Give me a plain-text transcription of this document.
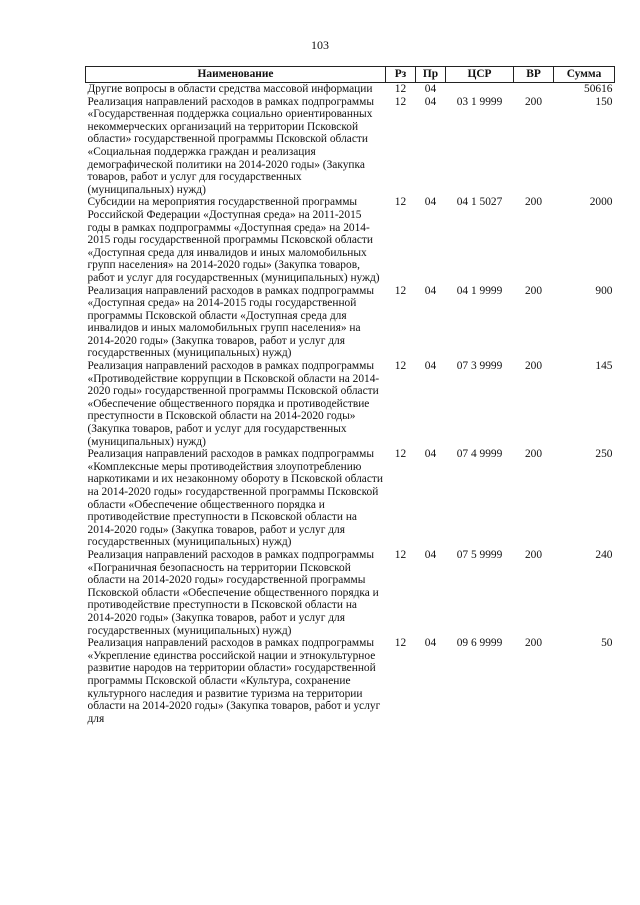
103
Наименование	Рз	Пр	ЦСР	ВР	Сумма
Другие вопросы в области средства массовой информации	12	04			50616
Реализация направлений расходов в рамках подпрограммы «Государственная поддержка социально ориентированных некоммерческих организаций на территории Псковской области» государственной программы Псковской области «Социальная поддержка граждан и реализация демографической политики на 2014-2020 годы» (Закупка товаров, работ и услуг для государственных (муниципальных) нужд)	12	04	03 1 9999	200	150
Субсидии на мероприятия государственной программы Российской Федерации «Доступная среда» на 2011-2015 годы в рамках подпрограммы «Доступная среда» на 2014-2015 годы государственной программы Псковской области «Доступная среда для инвалидов и иных маломобильных групп населения» на 2014-2020 годы» (Закупка товаров, работ и услуг для государственных (муниципальных) нужд)	12	04	04 1 5027	200	2000
Реализация направлений расходов в рамках подпрограммы «Доступная среда» на 2014-2015 годы государственной программы Псковской области «Доступная среда для инвалидов и иных маломобильных групп населения» на 2014-2020 годы» (Закупка товаров, работ и услуг для государственных (муниципальных) нужд)	12	04	04 1 9999	200	900
Реализация направлений расходов в рамках подпрограммы «Противодействие коррупции в Псковской области на 2014-2020 годы» государственной программы Псковской области «Обеспечение общественного порядка и противодействие преступности в Псковской области на 2014-2020 годы» (Закупка товаров, работ и услуг для государственных (муниципальных) нужд)	12	04	07 3 9999	200	145
Реализация направлений расходов в рамках подпрограммы «Комплексные меры противодействия злоупотреблению наркотиками и их незаконному обороту в Псковской области на 2014-2020 годы» государственной программы Псковской области «Обеспечение общественного порядка и противодействие преступности в Псковской области на 2014-2020 годы» (Закупка товаров, работ и услуг для государственных (муниципальных) нужд)	12	04	07 4 9999	200	250
Реализация направлений расходов в рамках подпрограммы «Пограничная безопасность на территории Псковской области на 2014-2020 годы» государственной программы Псковской области «Обеспечение общественного порядка и противодействие преступности в Псковской области на 2014-2020 годы» (Закупка товаров, работ и услуг для государственных (муниципальных) нужд)	12	04	07 5 9999	200	240
Реализация направлений расходов в рамках подпрограммы «Укрепление единства российской нации и этнокультурное развитие народов на территории области» государственной программы Псковской области «Культура, сохранение культурного наследия и развитие туризма на территории области на 2014-2020 годы» (Закупка товаров, работ и услуг для	12	04	09 6 9999	200	50
